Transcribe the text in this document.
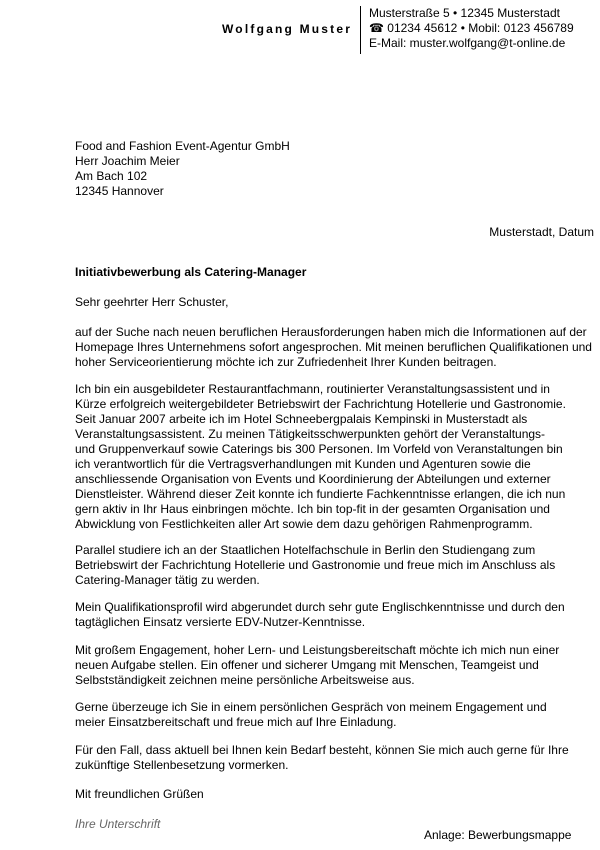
Wolfgang Muster
Musterstraße 5 • 12345 Musterstadt
☎ 01234 45612 • Mobil: 0123 456789
E-Mail: muster.wolfgang@t-online.de
Food and Fashion Event-Agentur GmbH
Herr Joachim Meier
Am Bach 102
12345 Hannover
Musterstadt, Datum
Initiativbewerbung als Catering-Manager
Sehr geehrter Herr Schuster,
auf der Suche nach neuen beruflichen Herausforderungen haben mich die Informationen auf der
Homepage Ihres Unternehmens sofort angesprochen. Mit meinen beruflichen Qualifikationen und
hoher Serviceorientierung möchte ich zur Zufriedenheit Ihrer Kunden beitragen.
Ich bin ein ausgebildeter Restaurantfachmann, routinierter Veranstaltungsassistent und in
Kürze erfolgreich weitergebildeter Betriebswirt der Fachrichtung Hotellerie und Gastronomie.
Seit Januar 2007 arbeite ich im Hotel Schneebergpalais Kempinski in Musterstadt als
Veranstaltungsassistent. Zu meinen Tätigkeitsschwerpunkten gehört der Veranstaltungs-
und Gruppenverkauf sowie Caterings bis 300 Personen. Im Vorfeld von Veranstaltungen bin
ich verantwortlich für die Vertragsverhandlungen mit Kunden und Agenturen sowie die
anschliessende Organisation von Events und Koordinierung der Abteilungen und externer
Dienstleister. Während dieser Zeit konnte ich fundierte Fachkenntnisse erlangen, die ich nun
gern aktiv in Ihr Haus einbringen möchte. Ich bin top-fit in der gesamten Organisation und
Abwicklung von Festlichkeiten aller Art sowie dem dazu gehörigen Rahmenprogramm.
Parallel studiere ich an der Staatlichen Hotelfachschule in Berlin den Studiengang zum
Betriebswirt der Fachrichtung Hotellerie und Gastronomie und freue mich im Anschluss als
Catering-Manager tätig zu werden.
Mein Qualifikationsprofil wird abgerundet durch sehr gute Englischkenntnisse und durch den
tagtäglichen Einsatz versierte EDV-Nutzer-Kenntnisse.
Mit großem Engagement, hoher Lern- und Leistungsbereitschaft möchte ich mich nun einer
neuen Aufgabe stellen. Ein offener und sicherer Umgang mit Menschen, Teamgeist und
Selbstständigkeit zeichnen meine persönliche Arbeitsweise aus.
Gerne überzeuge ich Sie in einem persönlichen Gespräch von meinem Engagement und
meier Einsatzbereitschaft und freue mich auf Ihre Einladung.
Für den Fall, dass aktuell bei Ihnen kein Bedarf besteht, können Sie mich auch gerne für Ihre
zukünftige Stellenbesetzung vormerken.
Mit freundlichen Grüßen
Ihre Unterschrift
Anlage: Bewerbungsmappe
